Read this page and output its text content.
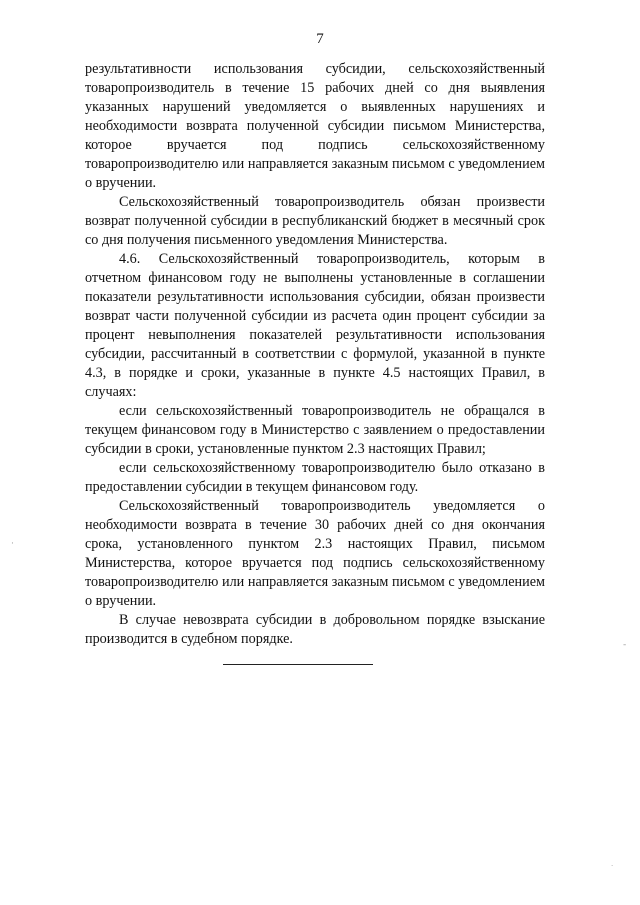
7

результативности использования субсидии, сельскохозяйственный товаропроизводитель в течение 15 рабочих дней со дня выявления указанных нарушений уведомляется о выявленных нарушениях и необходимости возврата полученной субсидии письмом Министерства, которое вручается под подпись сельскохозяйственному товаропроизводителю или направляется заказным письмом с уведомлением о вручении.

Сельскохозяйственный товаропроизводитель обязан произвести возврат полученной субсидии в республиканский бюджет в месячный срок со дня получения письменного уведомления Министерства.

4.6. Сельскохозяйственный товаропроизводитель, которым в отчетном финансовом году не выполнены установленные в соглашении показатели результативности использования субсидии, обязан произвести возврат части полученной субсидии из расчета один процент субсидии за процент невыполнения показателей результативности использования субсидии, рассчитанный в соответствии с формулой, указанной в пункте 4.3, в порядке и сроки, указанные в пункте 4.5 настоящих Правил, в случаях:

если сельскохозяйственный товаропроизводитель не обращался в текущем финансовом году в Министерство с заявлением о предоставлении субсидии в сроки, установленные пунктом 2.3 настоящих Правил;

если сельскохозяйственному товаропроизводителю было отказано в предоставлении субсидии в текущем финансовом году.

Сельскохозяйственный товаропроизводитель уведомляется о необходимости возврата в течение 30 рабочих дней со дня окончания срока, установленного пунктом 2.3 настоящих Правил, письмом Министерства, которое вручается под подпись сельскохозяйственному товаропроизводителю или направляется заказным письмом с уведомлением о вручении.

В случае невозврата субсидии в добровольном порядке взыскание производится в судебном порядке.	-
·
·
